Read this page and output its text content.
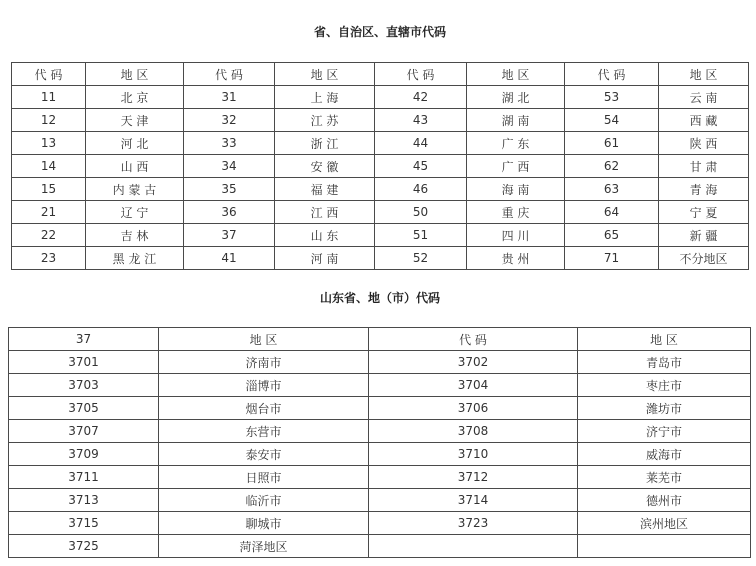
省、自治区、直辖市代码
代 码	地 区	代 码	地 区	代 码	地 区	代 码	地 区
11	北 京	31	上 海	42	湖 北	53	云 南
12	天 津	32	江 苏	43	湖 南	54	西 藏
13	河 北	33	浙 江	44	广 东	61	陕 西
14	山 西	34	安 徽	45	广 西	62	甘 肃
15	内 蒙 古	35	福 建	46	海 南	63	青 海
21	辽 宁	36	江 西	50	重 庆	64	宁 夏
22	吉 林	37	山 东	51	四 川	65	新 疆
23	黑 龙 江	41	河 南	52	贵 州	71	不分地区
山东省、地（市）代码
37	地 区	代 码	地 区
3701	济南市	3702	青岛市
3703	淄博市	3704	枣庄市
3705	烟台市	3706	潍坊市
3707	东营市	3708	济宁市
3709	泰安市	3710	威海市
3711	日照市	3712	莱芜市
3713	临沂市	3714	德州市
3715	聊城市	3723	滨州地区
3725	菏泽地区		
